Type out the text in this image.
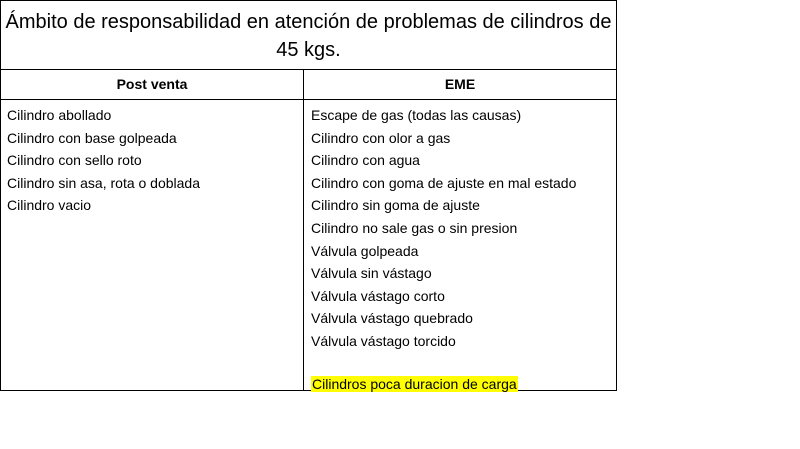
Ámbito de responsabilidad en atención de problemas de cilindros de 45 kgs.
Post venta	EME
Cilindro abollado
Cilindro con base golpeada
Cilindro con sello roto
Cilindro sin asa, rota o doblada
Cilindro vacio
Escape de gas (todas las causas)
Cilindro con olor a gas
Cilindro con agua
Cilindro con goma de ajuste en mal estado
Cilindro sin goma de ajuste
Cilindro no sale gas o sin presion
Válvula golpeada
Válvula sin vástago
Válvula vástago corto
Válvula vástago quebrado
Válvula vástago torcido
Cilindros poca duracion de carga
